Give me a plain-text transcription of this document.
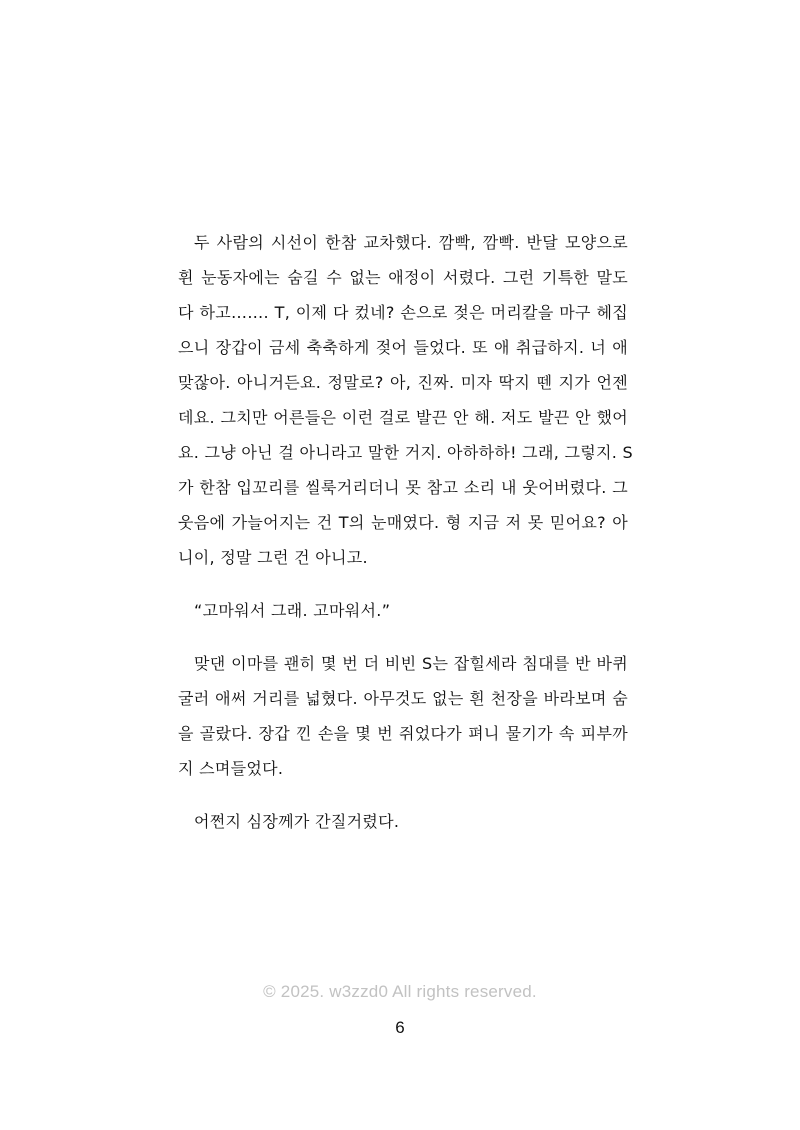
두 사람의 시선이 한참 교차했다. 깜빡, 깜빡. 반달 모양으로
휜 눈동자에는 숨길 수 없는 애정이 서렸다. 그런 기특한 말도
다 하고……. T, 이제 다 컸네? 손으로 젖은 머리칼을 마구 헤집
으니 장갑이 금세 축축하게 젖어 들었다. 또 애 취급하지. 너 애
맞잖아. 아니거든요. 정말로? 아, 진짜. 미자 딱지 뗀 지가 언젠
데요. 그치만 어른들은 이런 걸로 발끈 안 해. 저도 발끈 안 했어
요. 그냥 아닌 걸 아니라고 말한 거지. 아하하하! 그래, 그렇지. S
가 한참 입꼬리를 씰룩거리더니 못 참고 소리 내 웃어버렸다. 그
웃음에 가늘어지는 건 T의 눈매였다. 형 지금 저 못 믿어요? 아
니이, 정말 그런 건 아니고.
“고마워서 그래. 고마워서.”
맞댄 이마를 괜히 몇 번 더 비빈 S는 잡힐세라 침대를 반 바퀴
굴러 애써 거리를 넓혔다. 아무것도 없는 흰 천장을 바라보며 숨
을 골랐다. 장갑 낀 손을 몇 번 쥐었다가 펴니 물기가 속 피부까
지 스며들었다.
어쩐지 심장께가 간질거렸다.
© 2025. w3zzd0 All rights reserved.
6
